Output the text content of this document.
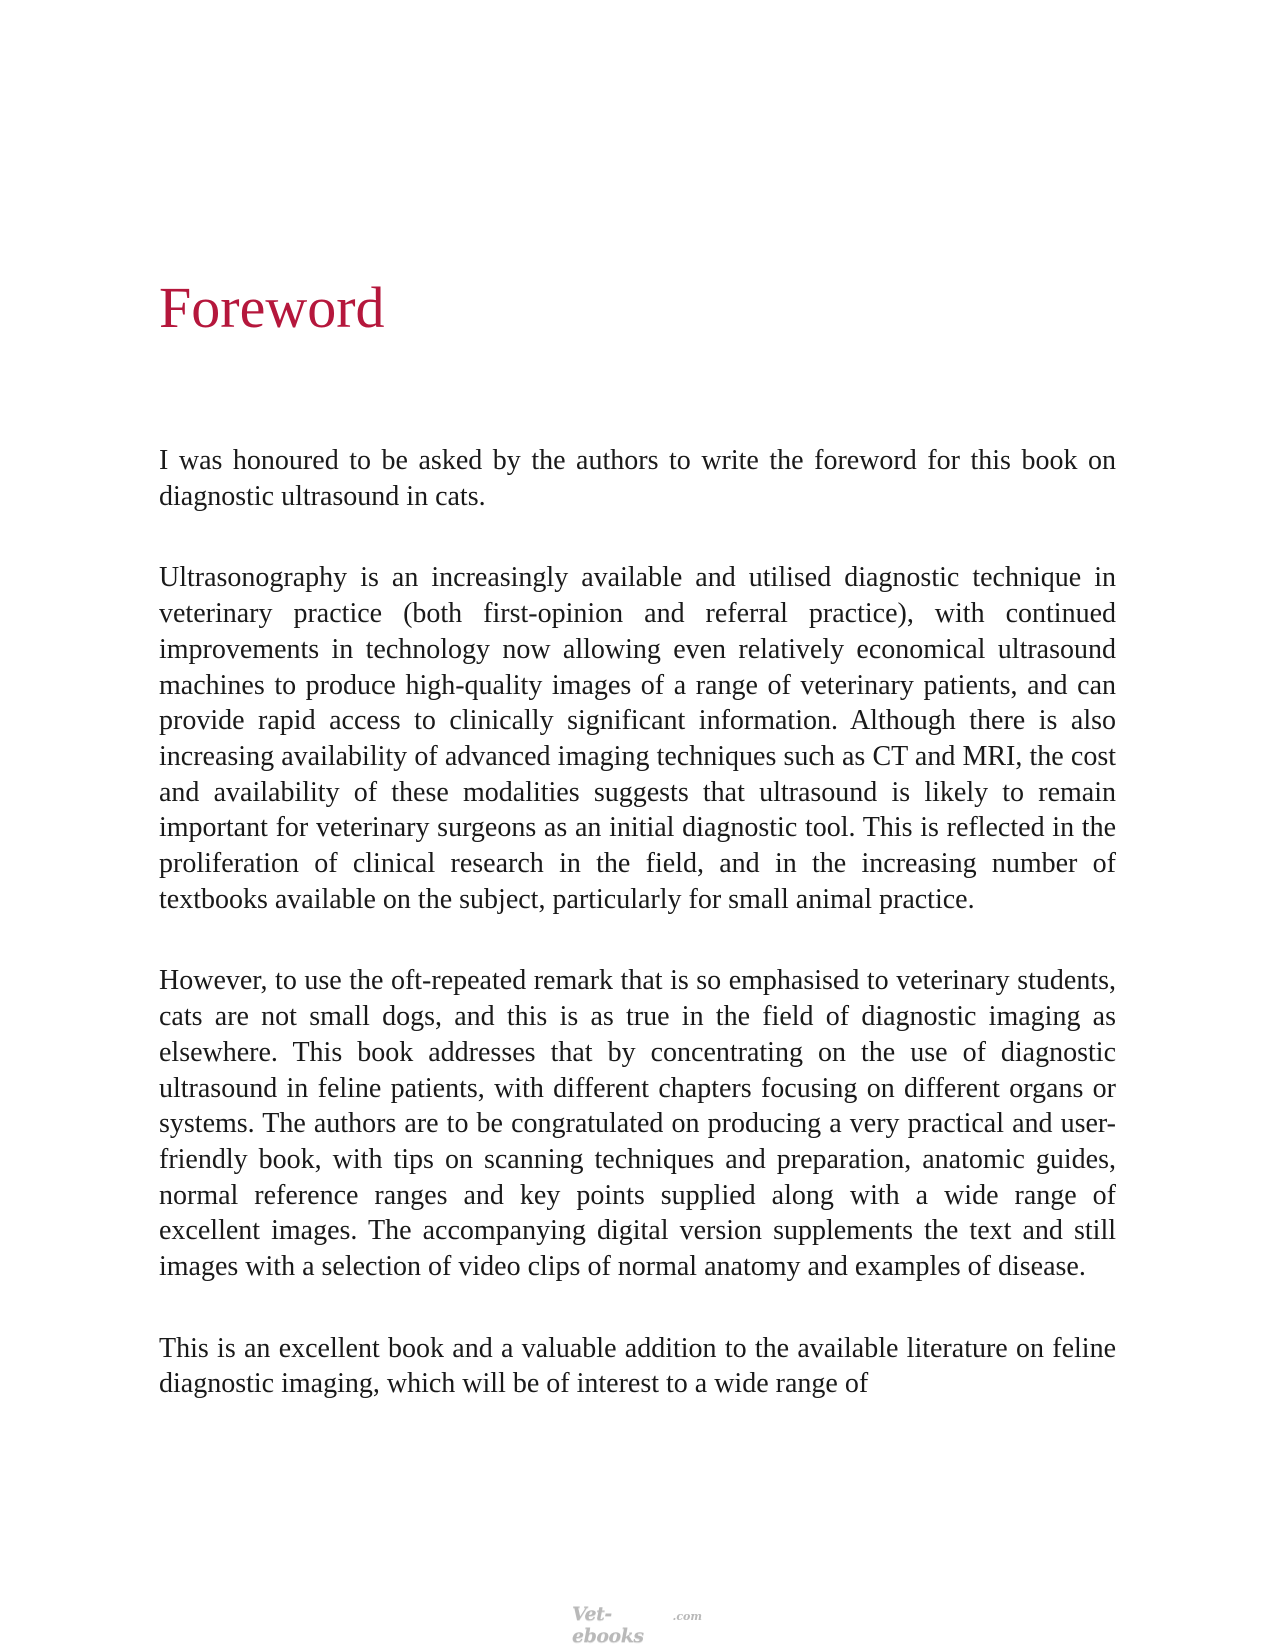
Foreword

I was honoured to be asked by the authors to write the foreword for this book on diagnostic ultrasound in cats.

Ultrasonography is an increasingly available and utilised diagnostic technique in veterinary practice (both first-opinion and referral practice), with continued improvements in technology now allowing even relatively economical ultrasound machines to produce high-quality images of a range of veterinary patients, and can provide rapid access to clinically significant information. Although there is also increasing availability of advanced imaging techniques such as CT and MRI, the cost and availability of these modalities suggests that ultrasound is likely to remain important for veterinary surgeons as an initial diagnostic tool. This is reflected in the proliferation of clinical research in the field, and in the increasing number of textbooks available on the subject, particularly for small animal practice.

However, to use the oft-repeated remark that is so emphasised to veterinary students, cats are not small dogs, and this is as true in the field of diagnostic imaging as elsewhere. This book addresses that by concentrating on the use of diagnostic ultrasound in feline patients, with different chapters focusing on different organs or systems. The authors are to be congratulated on producing a very practical and user-friendly book, with tips on scanning techniques and preparation, anatomic guides, normal reference ranges and key points supplied along with a wide range of excellent images. The accompanying digital version supplements the text and still images with a selection of video clips of normal anatomy and examples of disease.

This is an excellent book and a valuable addition to the available literature on feline diagnostic imaging, which will be of interest to a wide range of

Vet-ebooks
.com
